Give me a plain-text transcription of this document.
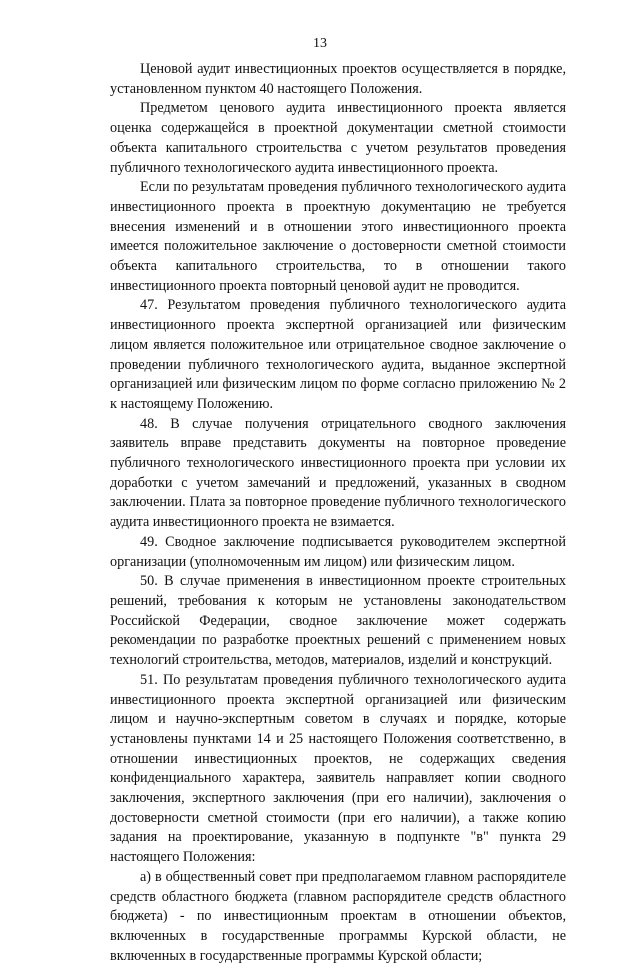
13

Ценовой аудит инвестиционных проектов осуществляется в порядке, установленном пунктом 40 настоящего Положения.

Предметом ценового аудита инвестиционного проекта является оценка содержащейся в проектной документации сметной стоимости объекта капитального строительства с учетом результатов проведения публичного технологического аудита инвестиционного проекта.

Если по результатам проведения публичного технологического аудита инвестиционного проекта в проектную документацию не требуется внесения изменений и в отношении этого инвестиционного проекта имеется положительное заключение о достоверности сметной стоимости объекта капитального строительства, то в отношении такого инвестиционного проекта повторный ценовой аудит не проводится.

47. Результатом проведения публичного технологического аудита инвестиционного проекта экспертной организацией или физическим лицом является положительное или отрицательное сводное заключение о проведении публичного технологического аудита, выданное экспертной организацией или физическим лицом по форме согласно приложению № 2 к настоящему Положению.

48. В случае получения отрицательного сводного заключения заявитель вправе представить документы на повторное проведение публичного технологического инвестиционного проекта при условии их доработки с учетом замечаний и предложений, указанных в сводном заключении. Плата за повторное проведение публичного технологического аудита инвестиционного проекта не взимается.

49. Сводное заключение подписывается руководителем экспертной организации (уполномоченным им лицом) или физическим лицом.

50. В случае применения в инвестиционном проекте строительных решений, требования к которым не установлены законодательством Российской Федерации, сводное заключение может содержать рекомендации по разработке проектных решений с применением новых технологий строительства, методов, материалов, изделий и конструкций.

51. По результатам проведения публичного технологического аудита инвестиционного проекта экспертной организацией или физическим лицом и научно-экспертным советом в случаях и порядке, которые установлены пунктами 14 и 25 настоящего Положения соответственно, в отношении инвестиционных проектов, не содержащих сведения конфиденциального характера, заявитель направляет копии сводного заключения, экспертного заключения (при его наличии), заключения о достоверности сметной стоимости (при его наличии), а также копию задания на проектирование, указанную в подпункте "в" пункта 29 настоящего Положения:

а) в общественный совет при предполагаемом главном распорядителе средств областного бюджета (главном распорядителе средств областного бюджета) - по инвестиционным проектам в отношении объектов, включенных в государственные программы Курской области, не включенных в государственные программы Курской области;
